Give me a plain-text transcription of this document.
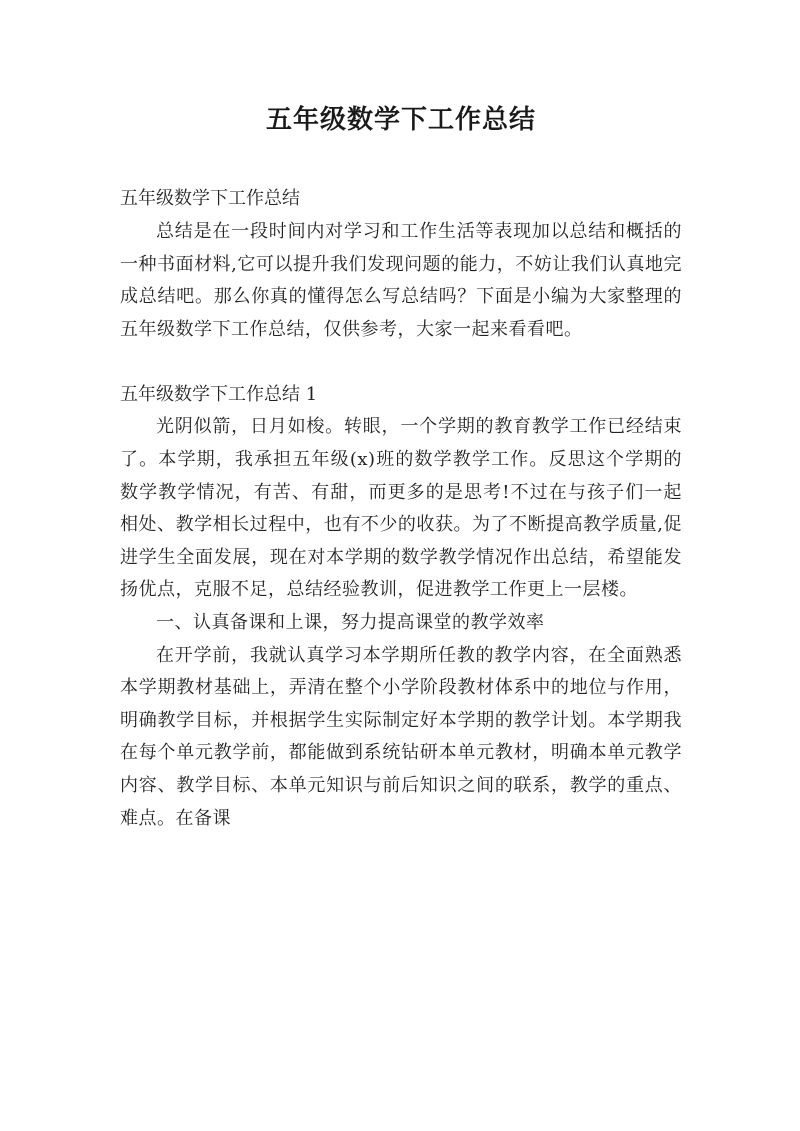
五年级数学下工作总结

五年级数学下工作总结

总结是在一段时间内对学习和工作生活等表现加以总结和概括的一种书面材料,它可以提升我们发现问题的能力，不妨让我们认真地完成总结吧。那么你真的懂得怎么写总结吗？下面是小编为大家整理的五年级数学下工作总结，仅供参考，大家一起来看看吧。

五年级数学下工作总结 1

光阴似箭，日月如梭。转眼，一个学期的教育教学工作已经结束了。本学期，我承担五年级(x)班的数学教学工作。反思这个学期的数学教学情况，有苦、有甜，而更多的是思考!不过在与孩子们一起相处、教学相长过程中，也有不少的收获。为了不断提高教学质量,促进学生全面发展，现在对本学期的数学教学情况作出总结，希望能发扬优点，克服不足，总结经验教训，促进教学工作更上一层楼。

一、认真备课和上课，努力提高课堂的教学效率

在开学前，我就认真学习本学期所任教的教学内容，在全面熟悉本学期教材基础上，弄清在整个小学阶段教材体系中的地位与作用，明确教学目标，并根据学生实际制定好本学期的教学计划。本学期我在每个单元教学前，都能做到系统钻研本单元教材，明确本单元教学内容、教学目标、本单元知识与前后知识之间的联系，教学的重点、难点。在备课
